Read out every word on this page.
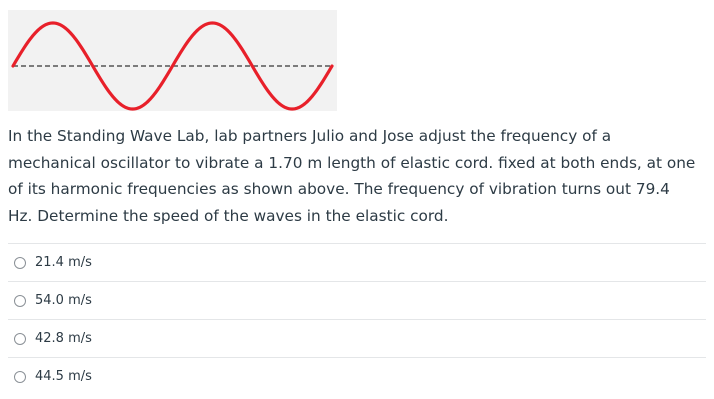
In the Standing Wave Lab, lab partners Julio and Jose adjust the frequency of a mechanical oscillator to vibrate a 1.70 m length of elastic cord. fixed at both ends, at one of its harmonic frequencies as shown above. The frequency of vibration turns out 79.4 Hz. Determine the speed of the waves in the elastic cord.

21.4 m/s
54.0 m/s
42.8 m/s
44.5 m/s
